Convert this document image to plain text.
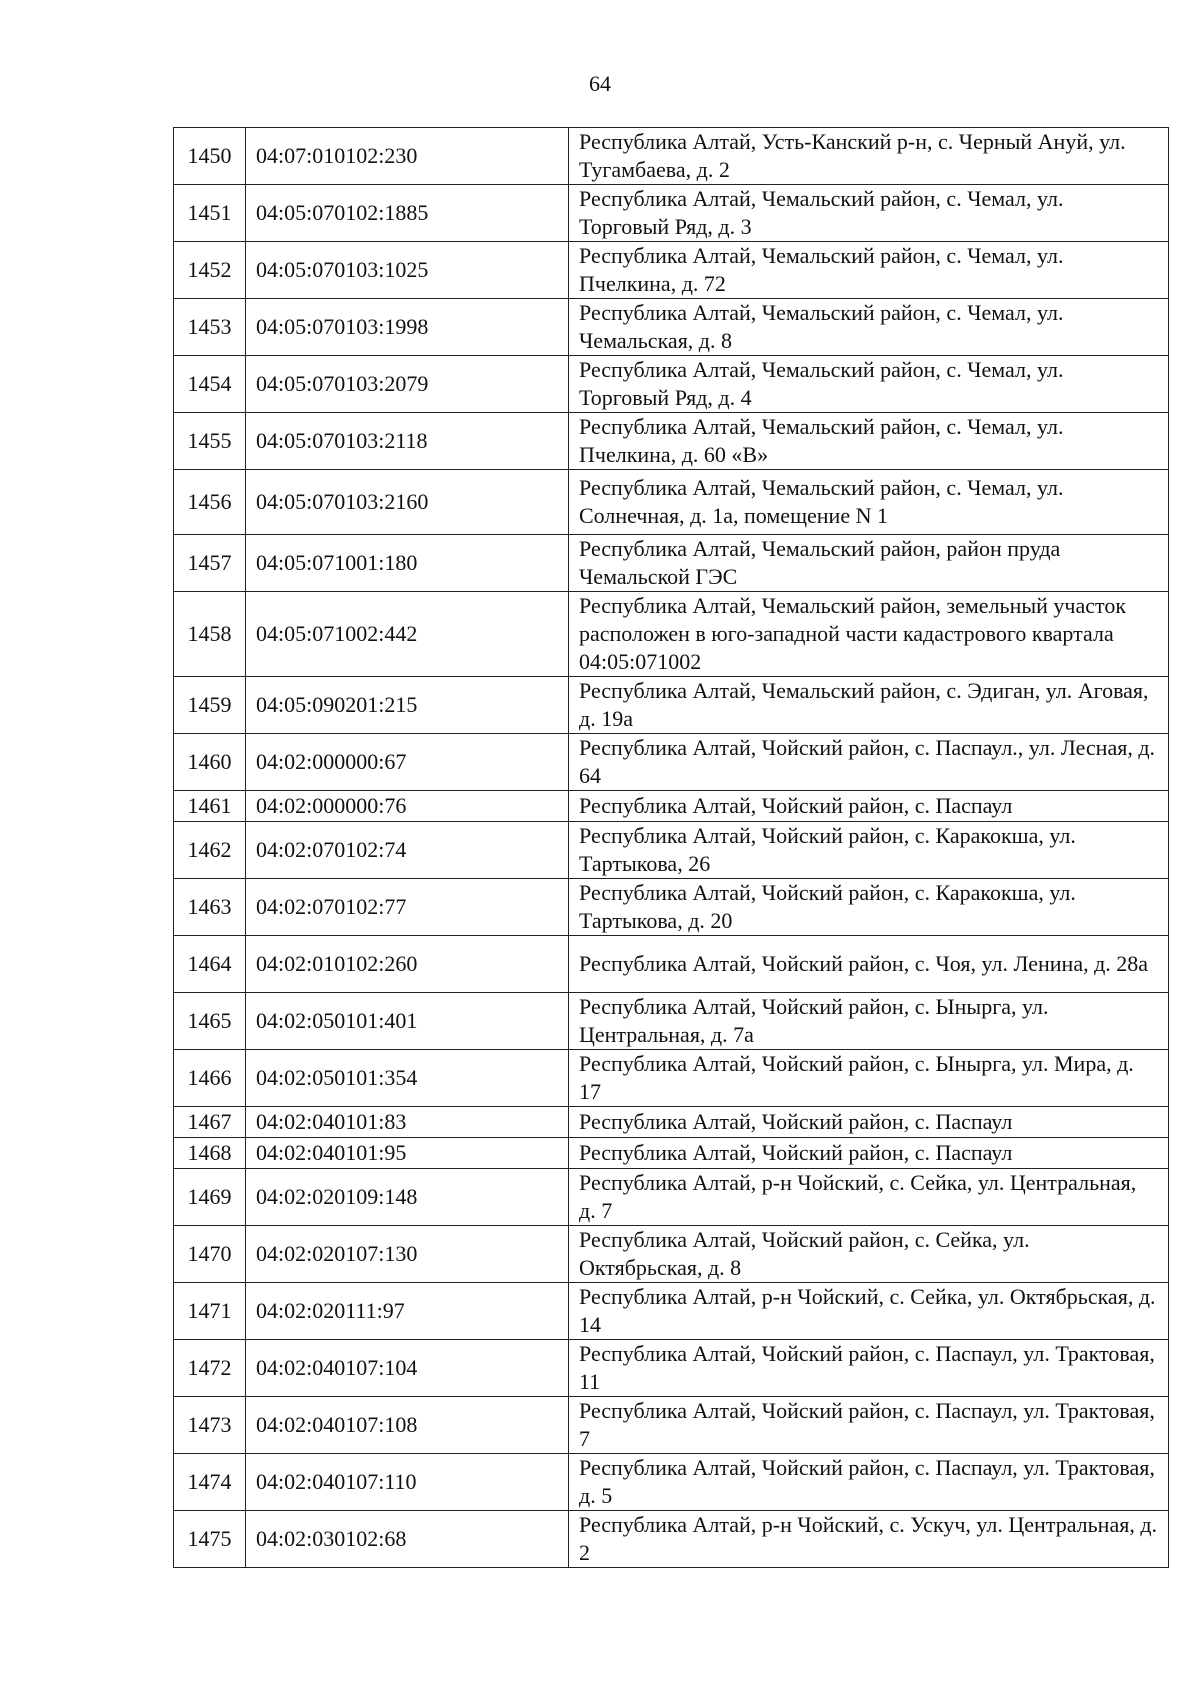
64
1450	04:07:010102:230	Республика Алтай, Усть-Канский р-н, с. Черный Ануй, ул. Тугамбаева, д. 2
1451	04:05:070102:1885	Республика Алтай, Чемальский район, с. Чемал, ул. Торговый Ряд, д. 3
1452	04:05:070103:1025	Республика Алтай, Чемальский район, с. Чемал, ул. Пчелкина, д. 72
1453	04:05:070103:1998	Республика Алтай, Чемальский район, с. Чемал, ул. Чемальская, д. 8
1454	04:05:070103:2079	Республика Алтай, Чемальский район, с. Чемал, ул. Торговый Ряд, д. 4
1455	04:05:070103:2118	Республика Алтай, Чемальский район, с. Чемал, ул. Пчелкина, д. 60 «В»
1456	04:05:070103:2160	Республика Алтай, Чемальский район, с. Чемал, ул. Солнечная, д. 1а, помещение N 1
1457	04:05:071001:180	Республика Алтай, Чемальский район, район пруда Чемальской ГЭС
1458	04:05:071002:442	Республика Алтай, Чемальский район, земельный участок расположен в юго-западной части кадастрового квартала 04:05:071002
1459	04:05:090201:215	Республика Алтай, Чемальский район, с. Эдиган, ул. Аговая, д. 19а
1460	04:02:000000:67	Республика Алтай, Чойский район, с. Паспаул., ул. Лесная, д. 64
1461	04:02:000000:76	Республика Алтай, Чойский район, с. Паспаул
1462	04:02:070102:74	Республика Алтай, Чойский район, с. Каракокша, ул. Тартыкова, 26
1463	04:02:070102:77	Республика Алтай, Чойский район, с. Каракокша, ул. Тартыкова, д. 20
1464	04:02:010102:260	Республика Алтай, Чойский район, с. Чоя, ул. Ленина, д. 28а
1465	04:02:050101:401	Республика Алтай, Чойский район, с. Ынырга, ул. Центральная, д. 7а
1466	04:02:050101:354	Республика Алтай, Чойский район, с. Ынырга, ул. Мира, д. 17
1467	04:02:040101:83	Республика Алтай, Чойский район, с. Паспаул
1468	04:02:040101:95	Республика Алтай, Чойский район, с. Паспаул
1469	04:02:020109:148	Республика Алтай, р-н Чойский, с. Сейка, ул. Центральная, д. 7
1470	04:02:020107:130	Республика Алтай, Чойский район, с. Сейка, ул. Октябрьская, д. 8
1471	04:02:020111:97	Республика Алтай, р-н Чойский, с. Сейка, ул. Октябрьская, д. 14
1472	04:02:040107:104	Республика Алтай, Чойский район, с. Паспаул, ул. Трактовая, 11
1473	04:02:040107:108	Республика Алтай, Чойский район, с. Паспаул, ул. Трактовая, 7
1474	04:02:040107:110	Республика Алтай, Чойский район, с. Паспаул, ул. Трактовая, д. 5
1475	04:02:030102:68	Республика Алтай, р-н Чойский, с. Ускуч, ул. Центральная, д. 2
